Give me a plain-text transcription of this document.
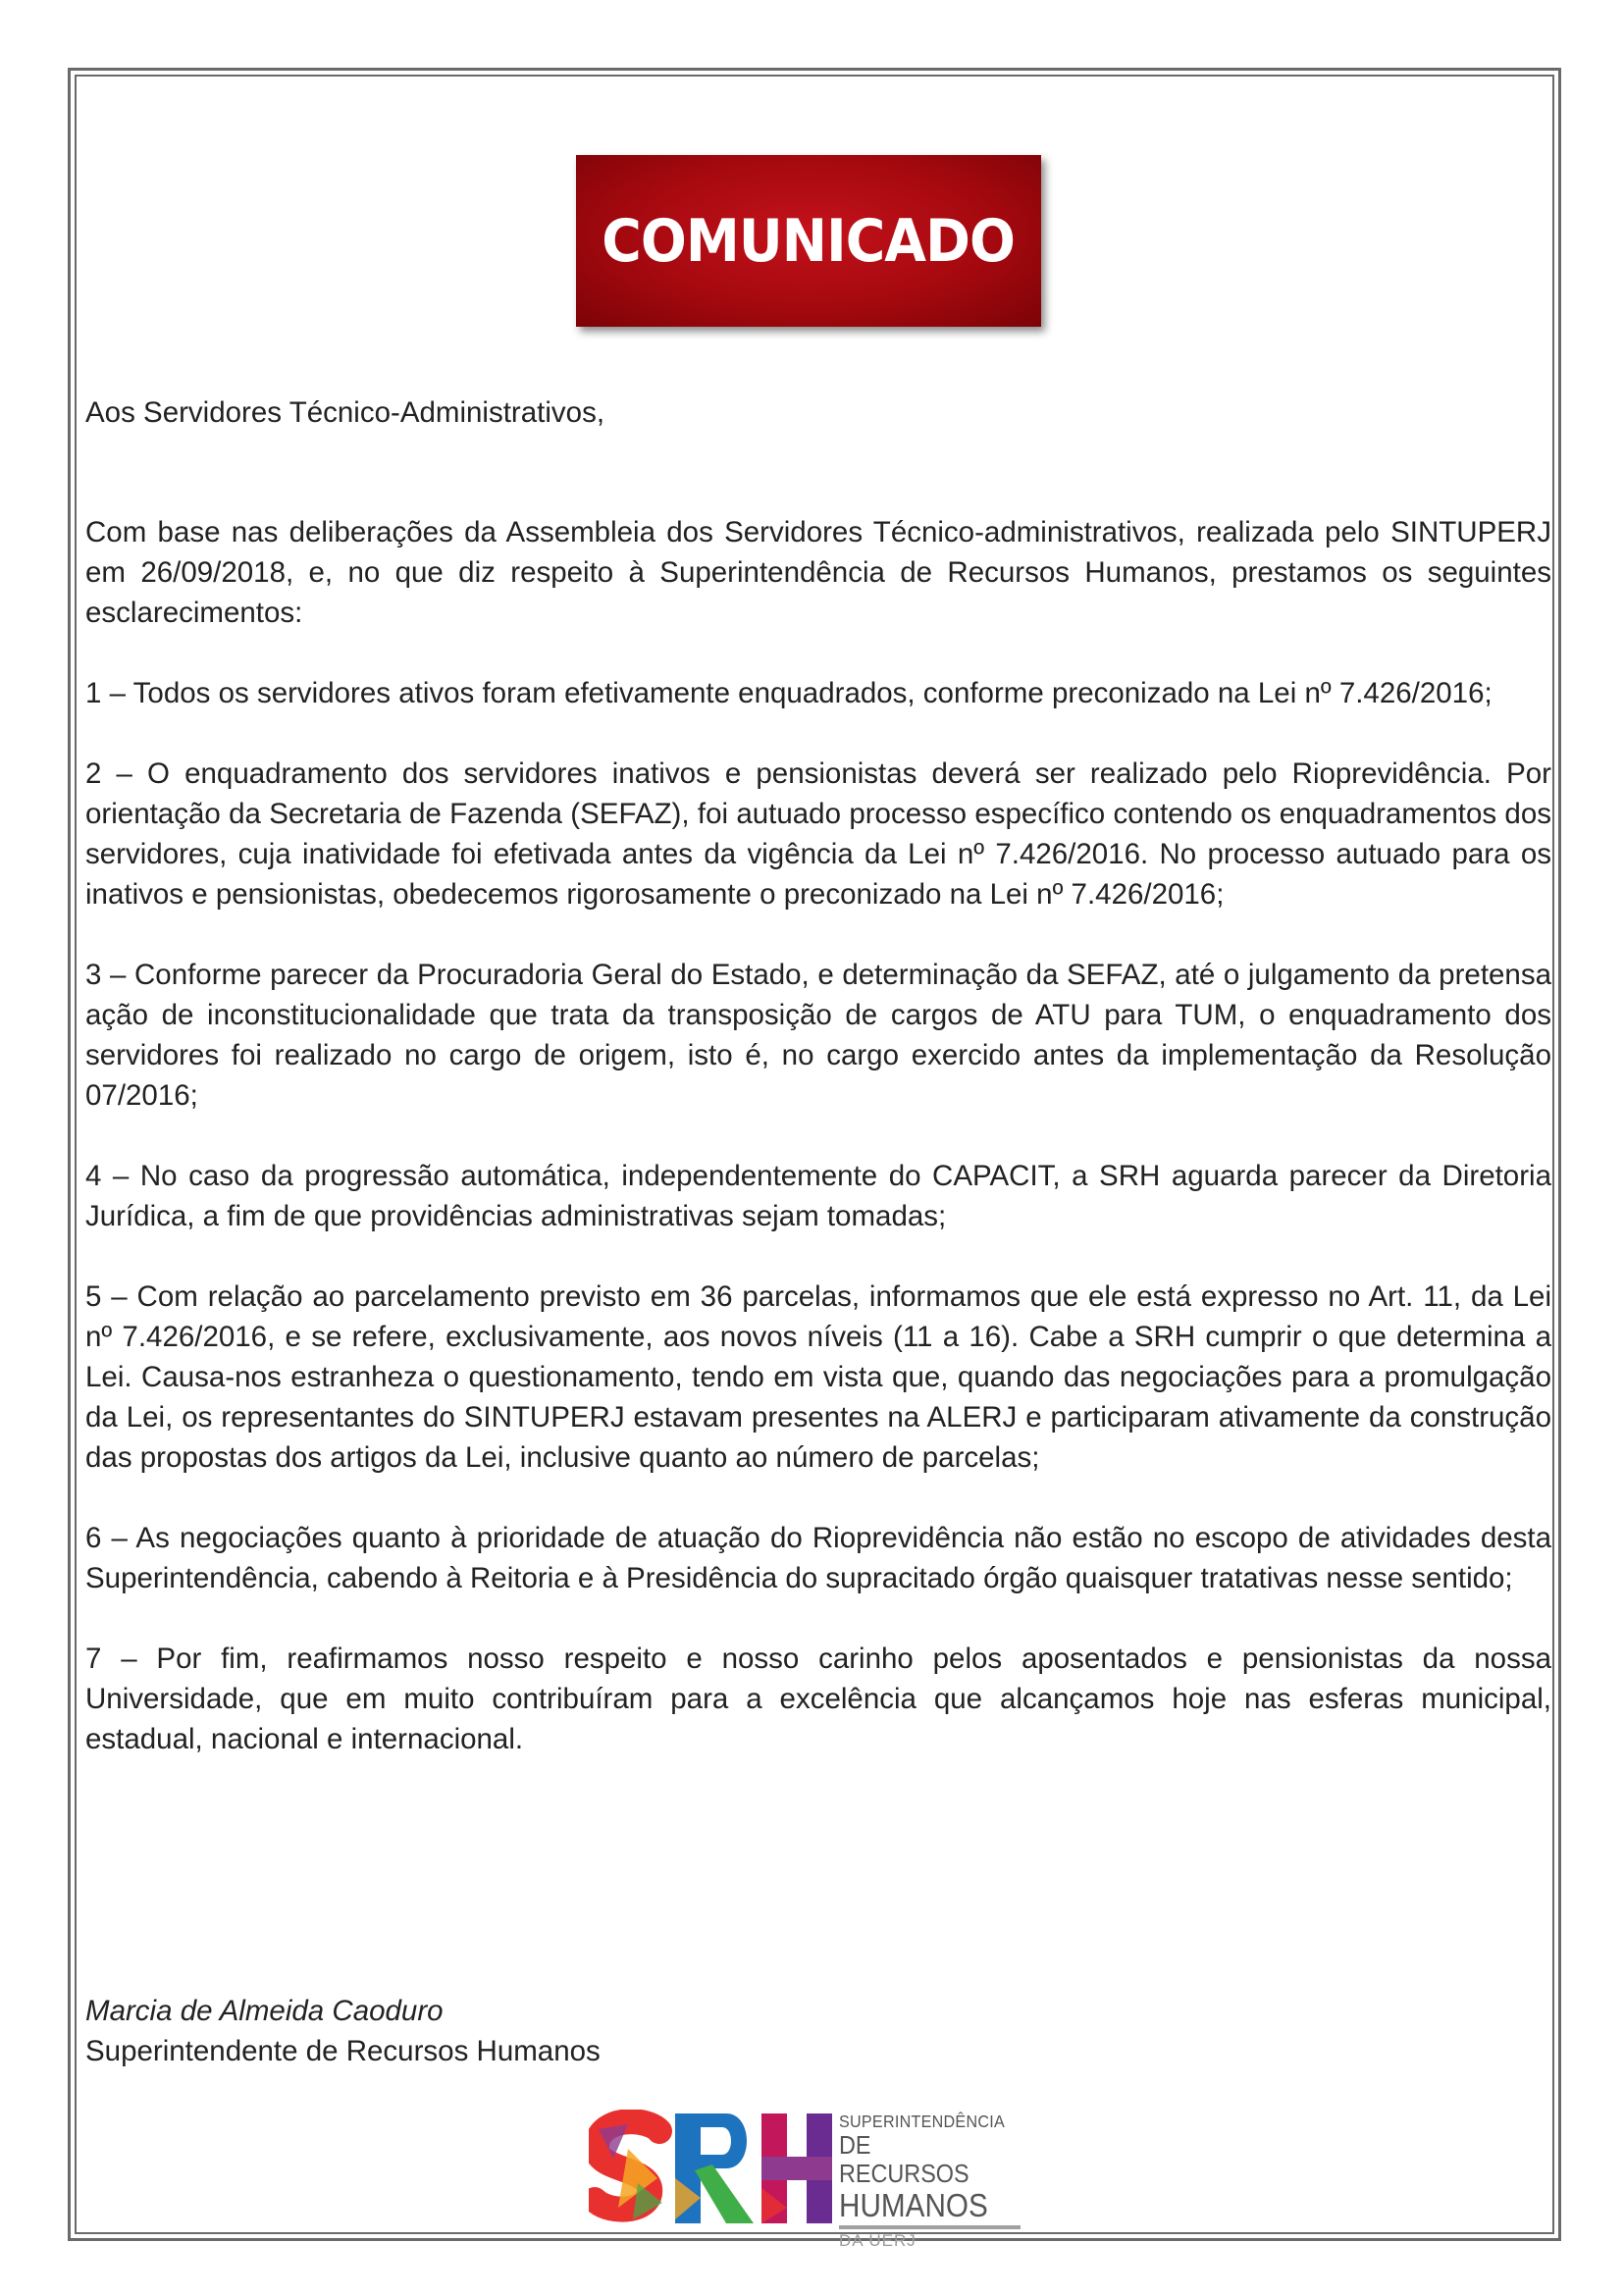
COMUNICADO

Aos Servidores Técnico-Administrativos,

Com base nas deliberações da Assembleia dos Servidores Técnico-administrativos, realizada pelo SINTUPERJ em 26/09/2018, e, no que diz respeito à Superintendência de Recursos Humanos, prestamos os seguintes esclarecimentos:

1 – Todos os servidores ativos foram efetivamente enquadrados, conforme preconizado na Lei nº 7.426/2016;

2 – O enquadramento dos servidores inativos e pensionistas deverá ser realizado pelo Rioprevidência. Por orientação da Secretaria de Fazenda (SEFAZ), foi autuado processo específico contendo os enquadramentos dos servidores, cuja inatividade foi efetivada antes da vigência da Lei nº 7.426/2016. No processo autuado para os inativos e pensionistas, obedecemos rigorosamente o preconizado na Lei nº 7.426/2016;

3 – Conforme parecer da Procuradoria Geral do Estado, e determinação da SEFAZ, até o julgamento da pretensa ação de inconstitucionalidade que trata da transposição de cargos de ATU para TUM, o enquadramento dos servidores foi realizado no cargo de origem, isto é, no cargo exercido antes da implementação da Resolução 07/2016;

4 – No caso da progressão automática, independentemente do CAPACIT, a SRH aguarda parecer da Diretoria Jurídica, a fim de que providências administrativas sejam tomadas;

5 – Com relação ao parcelamento previsto em 36 parcelas, informamos que ele está expresso no Art. 11, da Lei nº 7.426/2016, e se refere, exclusivamente, aos novos níveis (11 a 16). Cabe a SRH cumprir o que determina a Lei. Causa-nos estranheza o questionamento, tendo em vista que, quando das negociações para a promulgação da Lei, os representantes do SINTUPERJ estavam presentes na ALERJ e participaram ativamente da construção das propostas dos artigos da Lei, inclusive quanto ao número de parcelas;

6 – As negociações quanto à prioridade de atuação do Rioprevidência não estão no escopo de atividades desta Superintendência, cabendo à Reitoria e à Presidência do supracitado órgão quaisquer tratativas nesse sentido;

7 – Por fim, reafirmamos nosso respeito e nosso carinho pelos aposentados e pensionistas da nossa Universidade, que em muito contribuíram para a excelência que alcançamos hoje nas esferas municipal, estadual, nacional e internacional.

Marcia de Almeida Caoduro
Superintendente de Recursos Humanos
SUPERINTENDÊNCIA
DE RECURSOS
HUMANOS
DA UERJ
